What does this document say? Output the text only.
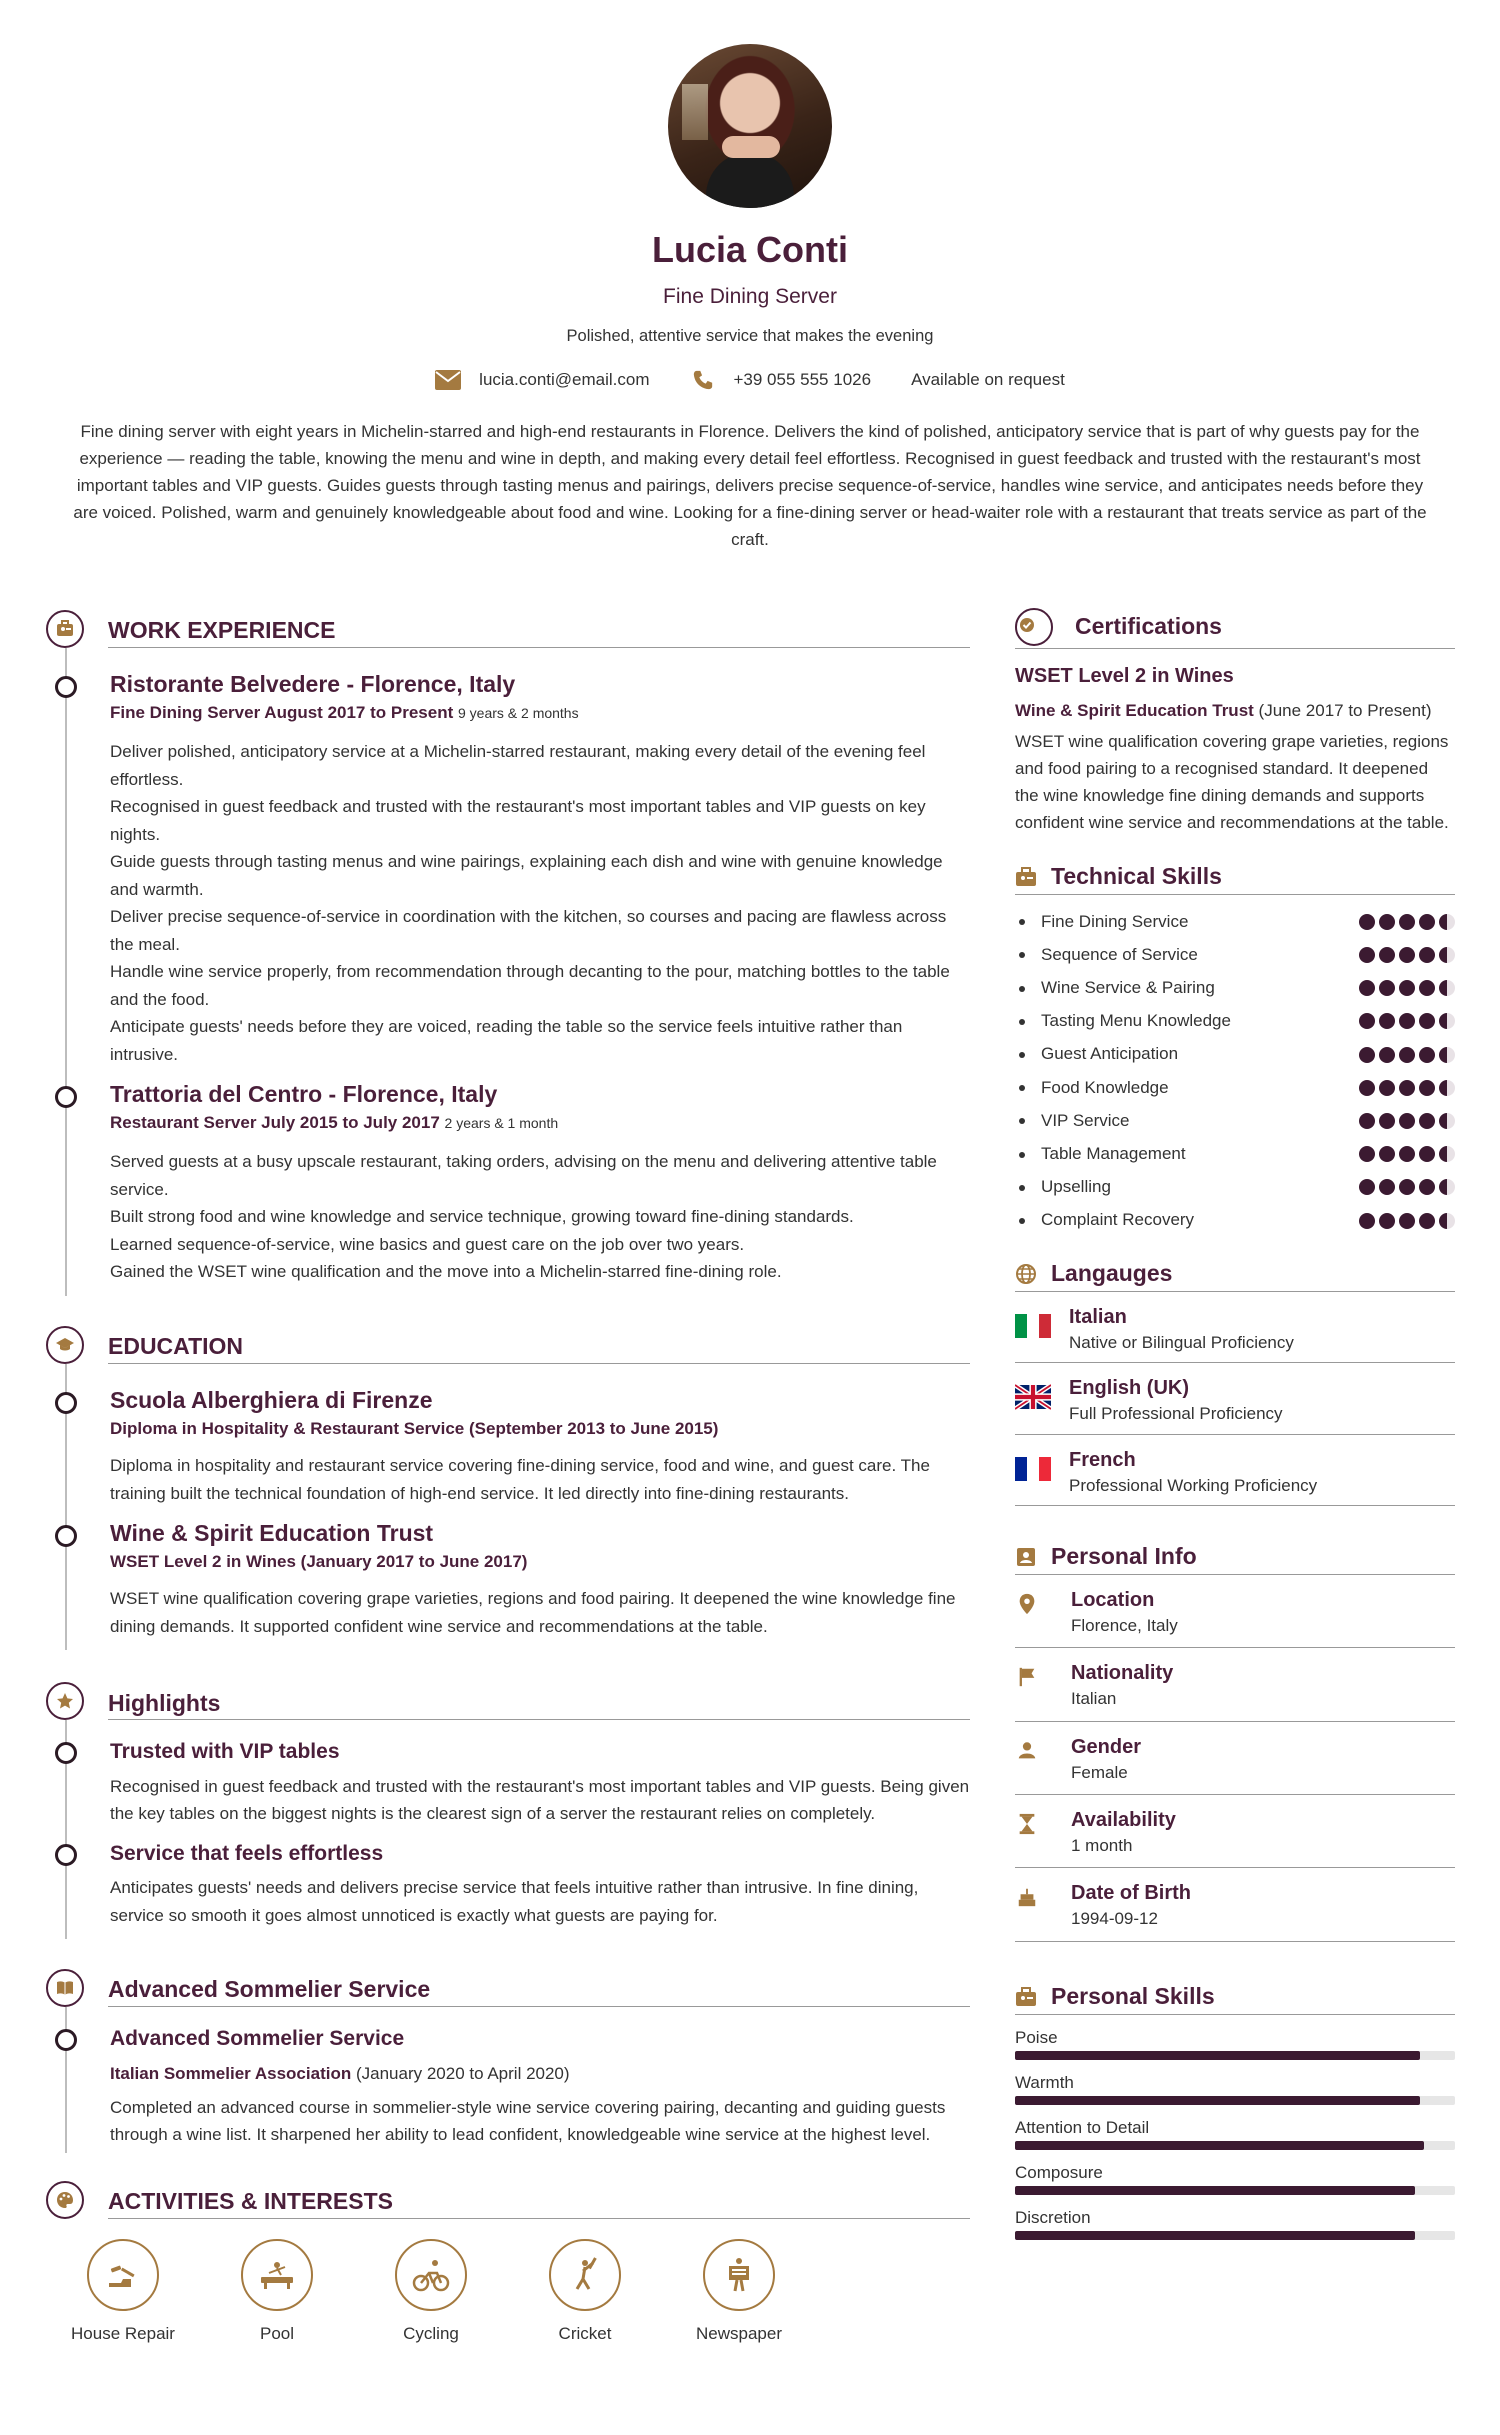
Lucia Conti
Fine Dining Server
Polished, attentive service that makes the evening
lucia.conti@email.com	+39 055 555 1026 Available on request

Fine dining server with eight years in Michelin-starred and high-end restaurants in Florence. Delivers the kind of polished, anticipatory service that is part of why guests pay for the experience — reading the table, knowing the menu and wine in depth, and making every detail feel effortless. Recognised in guest feedback and trusted with the restaurant's most important tables and VIP guests. Guides guests through tasting menus and pairings, delivers precise sequence-of-service, handles wine service, and anticipates needs before they are voiced. Polished, warm and genuinely knowledgeable about food and wine. Looking for a fine-dining server or head-waiter role with a restaurant that treats service as part of the craft.

WORK EXPERIENCE
Ristorante Belvedere - Florence, Italy
Fine Dining Server August 2017 to Present 9 years & 2 months

Deliver polished, anticipatory service at a Michelin-starred restaurant, making every detail of the evening feel effortless.

Recognised in guest feedback and trusted with the restaurant's most important tables and VIP guests on key nights.

Guide guests through tasting menus and wine pairings, explaining each dish and wine with genuine knowledge and warmth.

Deliver precise sequence-of-service in coordination with the kitchen, so courses and pacing are flawless across the meal.

Handle wine service properly, from recommendation through decanting to the pour, matching bottles to the table and the food.

Anticipate guests' needs before they are voiced, reading the table so the service feels intuitive rather than intrusive.

Trattoria del Centro - Florence, Italy
Restaurant Server July 2015 to July 2017 2 years & 1 month

Served guests at a busy upscale restaurant, taking orders, advising on the menu and delivering attentive table service.

Built strong food and wine knowledge and service technique, growing toward fine-dining standards.

Learned sequence-of-service, wine basics and guest care on the job over two years.

Gained the WSET wine qualification and the move into a Michelin-starred fine-dining role.

EDUCATION
Scuola Alberghiera di Firenze
Diploma in Hospitality & Restaurant Service (September 2013 to June 2015)

Diploma in hospitality and restaurant service covering fine-dining service, food and wine, and guest care. The training built the technical foundation of high-end service. It led directly into fine-dining restaurants.

Wine & Spirit Education Trust
WSET Level 2 in Wines (January 2017 to June 2017)

WSET wine qualification covering grape varieties, regions and food pairing. It deepened the wine knowledge fine dining demands. It supported confident wine service and recommendations at the table.

Highlights
Trusted with VIP tables

Recognised in guest feedback and trusted with the restaurant's most important tables and VIP guests. Being given the key tables on the biggest nights is the clearest sign of a server the restaurant relies on completely.

Service that feels effortless

Anticipates guests' needs and delivers precise service that feels intuitive rather than intrusive. In fine dining, service so smooth it goes almost unnoticed is exactly what guests are paying for.

Advanced Sommelier Service
Advanced Sommelier Service
Italian Sommelier Association (January 2020 to April 2020)

Completed an advanced course in sommelier-style wine service covering pairing, decanting and guiding guests through a wine list. It sharpened her ability to lead confident, knowledgeable wine service at the highest level.

ACTIVITIES & INTERESTS
House Repair	Pool	Cycling	Cricket	Newspaper
Certifications
WSET Level 2 in Wines
Wine & Spirit Education Trust (June 2017 to Present)

WSET wine qualification covering grape varieties, regions and food pairing to a recognised standard. It deepened the wine knowledge fine dining demands and supports confident wine service and recommendations at the table.

Technical Skills
Fine Dining Service
Sequence of Service
Wine Service & Pairing
Tasting Menu Knowledge
Guest Anticipation
Food Knowledge
VIP Service
Table Management
Upselling
Complaint Recovery
Langauges
Italian
Native or Bilingual Proficiency
English (UK)
Full Professional Proficiency
French
Professional Working Proficiency
Personal Info
Location
Florence, Italy
Nationality
Italian
Gender
Female
Availability
1 month
Date of Birth
1994-09-12
Personal Skills
Poise
Warmth
Attention to Detail
Composure
Discretion
